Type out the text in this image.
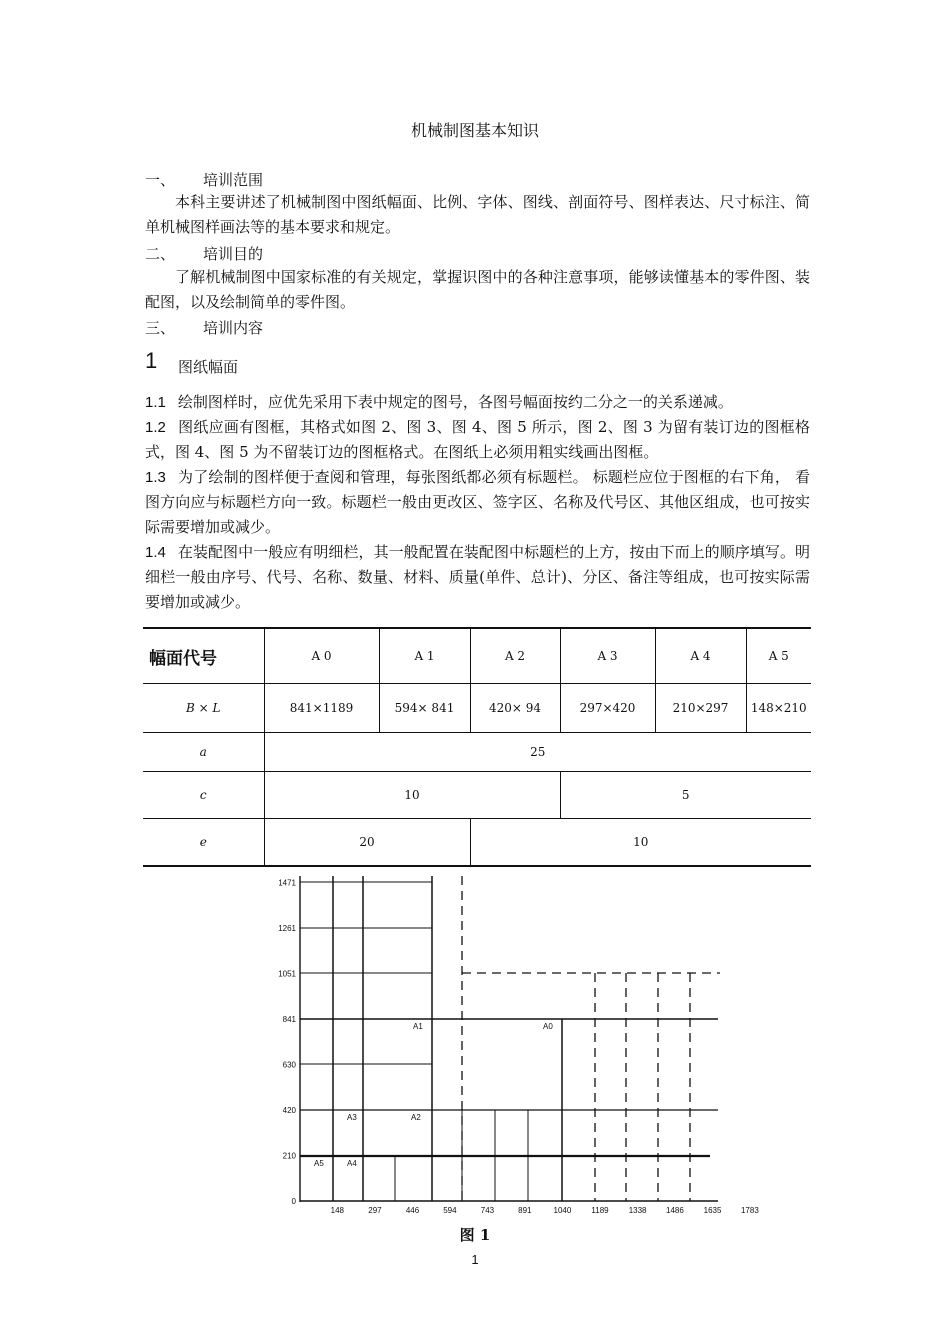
机械制图基本知识
一、 培训范围
本科主要讲述了机械制图中图纸幅面、比例、字体、图线、剖面符号、图样表达、尺寸标注、简单机械图样画法等的基本要求和规定。
二、 培训目的
了解机械制图中国家标准的有关规定，掌握识图中的各种注意事项，能够读懂基本的零件图、装配图，以及绘制简单的零件图。
三、 培训内容
1 图纸幅面
1.1 绘制图样时，应优先采用下表中规定的图号，各图号幅面按约二分之一的关系递减。
1.2 图纸应画有图框，其格式如图 2、图 3、图 4、图 5 所示，图 2、图 3 为留有装订边的图框格式，图 4、图 5 为不留装订边的图框格式。在图纸上必须用粗实线画出图框。
1.3 为了绘制的图样便于查阅和管理，每张图纸都必须有标题栏。 标题栏应位于图框的右下角， 看图方向应与标题栏方向一致。标题栏一般由更改区、签字区、名称及代号区、其他区组成，也可按实际需要增加或减少。
1.4 在装配图中一般应有明细栏，其一般配置在装配图中标题栏的上方，按由下而上的顺序填写。明细栏一般由序号、代号、名称、数量、材料、质量(单件、总计)、分区、备注等组成，也可按实际需要增加或减少。
幅面代号	A 0	A 1	A 2	A 3	A 4	A 5
B × L	841×1189	594× 841	420× 94	297×420	210×297	148×210
a	25					
c	10			5		
e	20		10			
0
210
420
630
841
1051
1261
1471
148	297	446	594	743	891	1040	1189	1338 1486 1635 1783
A5	A4
A3	A2
A1	A0
图 1
1
